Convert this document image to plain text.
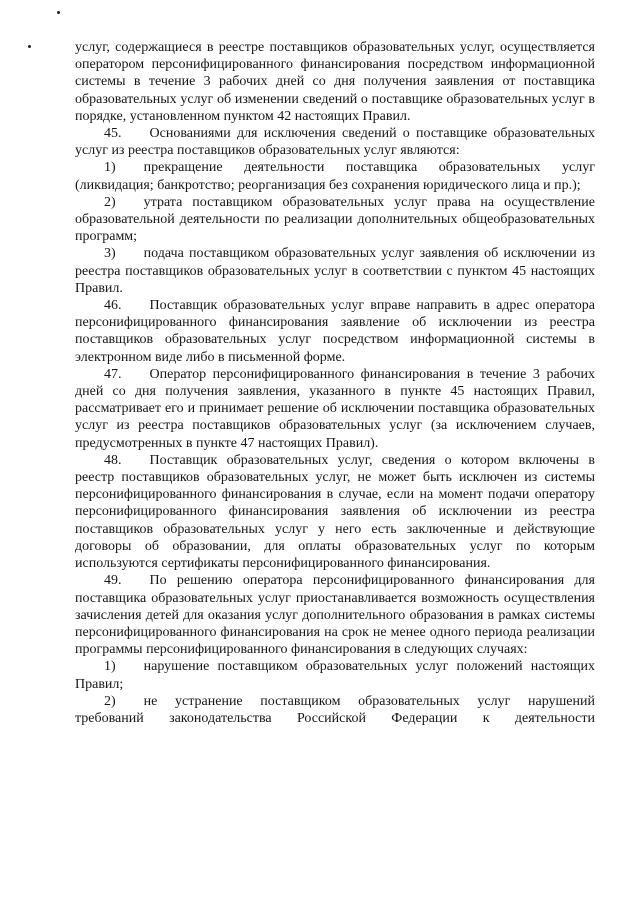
услуг, содержащиеся в реестре поставщиков образовательных услуг, осуществляется оператором персонифицированного финансирования посредством информационной системы в течение 3 рабочих дней со дня получения заявления от поставщика образовательных услуг об изменении сведений о поставщике образовательных услуг в порядке, установленном пунктом 42 настоящих Правил.

45.  Основаниями для исключения сведений о поставщике образовательных услуг из реестра поставщиков образовательных услуг являются:

1)  прекращение деятельности поставщика образовательных услуг (ликвидация; банкротство; реорганизация без сохранения юридического лица и пр.);

2)  утрата поставщиком образовательных услуг права на осуществление образовательной деятельности по реализации дополнительных общеобразовательных программ;

3)  подача поставщиком образовательных услуг заявления об исключении из реестра поставщиков образовательных услуг в соответствии с пунктом 45 настоящих Правил.

46.  Поставщик образовательных услуг вправе направить в адрес оператора персонифицированного финансирования заявление об исключении из реестра поставщиков образовательных услуг посредством информационной системы в электронном виде либо в письменной форме.

47.  Оператор персонифицированного финансирования в течение 3 рабочих дней со дня получения заявления, указанного в пункте 45 настоящих Правил, рассматривает его и принимает решение об исключении поставщика образовательных услуг из реестра поставщиков образовательных услуг (за исключением случаев, предусмотренных в пункте 47 настоящих Правил).

48.  Поставщик образовательных услуг, сведения о котором включены в реестр поставщиков образовательных услуг, не может быть исключен из системы персонифицированного финансирования в случае, если на момент подачи оператору персонифицированного финансирования заявления об исключении из реестра поставщиков образовательных услуг у него есть заключенные и действующие договоры об образовании, для оплаты образовательных услуг по которым используются сертификаты персонифицированного финансирования.

49.  По решению оператора персонифицированного финансирования для поставщика образовательных услуг приостанавливается возможность осуществления зачисления детей для оказания услуг дополнительного образования в рамках системы персонифицированного финансирования на срок не менее одного периода реализации программы персонифицированного финансирования в следующих случаях:

1)  нарушение поставщиком образовательных услуг положений настоящих Правил;

2)  не устранение поставщиком образовательных услуг нарушений требований законодательства Российской Федерации к деятельности
